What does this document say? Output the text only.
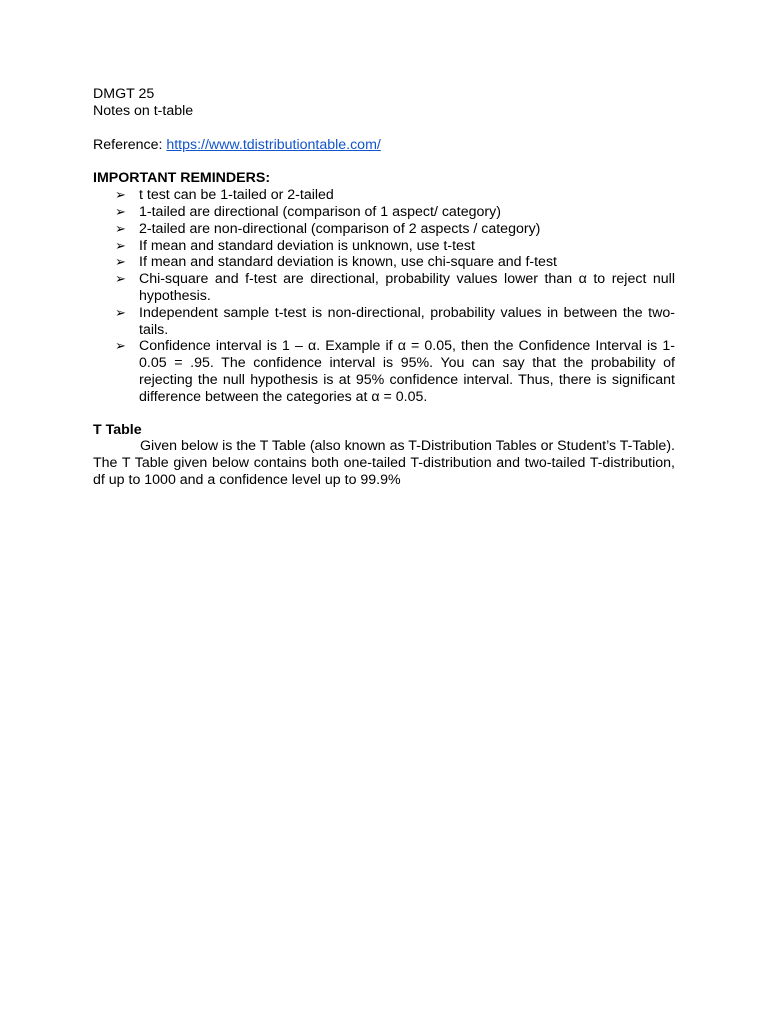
DMGT 25

Notes on t-table

Reference: https://www.tdistributiontable.com/

IMPORTANT REMINDERS:

➢ t test can be 1-tailed or 2-tailed
➢ 1-tailed are directional (comparison of 1 aspect/ category)
➢ 2-tailed are non-directional (comparison of 2 aspects / category)
➢ If mean and standard deviation is unknown, use t-test
➢ If mean and standard deviation is known, use chi-square and f-test
➢ Chi-square and f-test are directional, probability values lower than α to reject null hypothesis.
➢ Independent sample t-test is non-directional, probability values in between the two-tails.
➢ Confidence interval is 1 – α. Example if α = 0.05, then the Confidence Interval is 1-0.05 = .95. The confidence interval is 95%. You can say that the probability of rejecting the null hypothesis is at 95% confidence interval. Thus, there is significant difference between the categories at α = 0.05.

T Table

Given below is the T Table (also known as T-Distribution Tables or Student’s T-Table). The T Table given below contains both one-tailed T-distribution and two-tailed T-distribution, df up to 1000 and a confidence level up to 99.9%
